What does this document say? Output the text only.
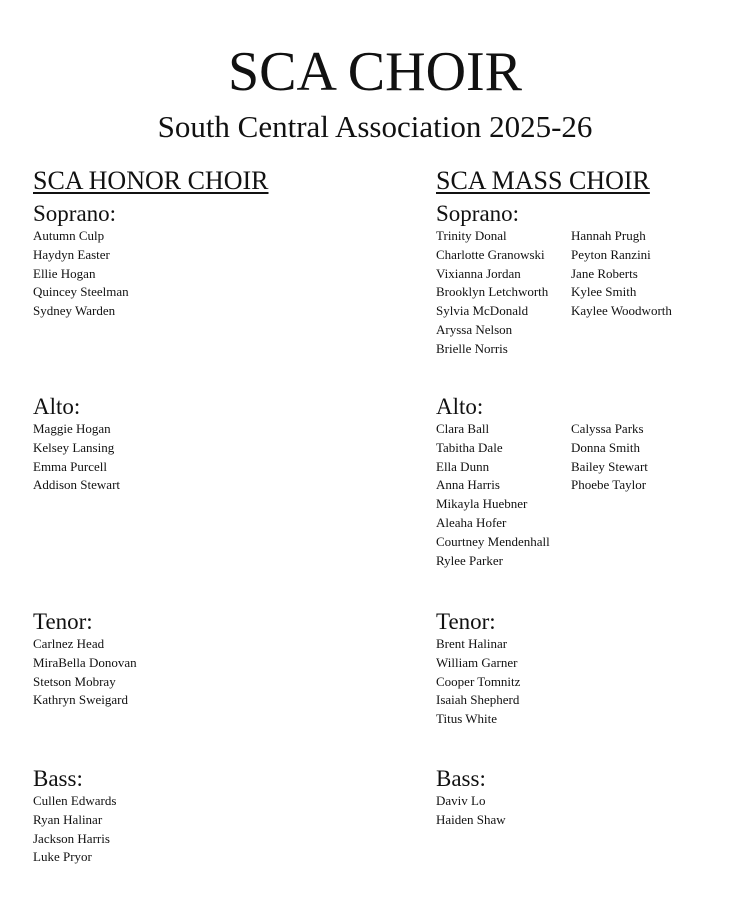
SCA CHOIR
South Central Association 2025-26
SCA HONOR CHOIR	SCA MASS CHOIR
Soprano:
Autumn Culp
Haydyn Easter
Ellie Hogan
Quincey Steelman
Sydney Warden
Alto:
Maggie Hogan
Kelsey Lansing
Emma Purcell
Addison Stewart
Tenor:
Carlnez Head
MiraBella Donovan
Stetson Mobray
Kathryn Sweigard
Bass:
Cullen Edwards
Ryan Halinar
Jackson Harris
Luke Pryor
Soprano:
Trinity Donal
Charlotte Granowski
Vixianna Jordan
Brooklyn Letchworth
Sylvia McDonald
Aryssa Nelson
Brielle Norris
Hannah Prugh
Peyton Ranzini
Jane Roberts
Kylee Smith
Kaylee Woodworth
Alto:
Clara Ball
Tabitha Dale
Ella Dunn
Anna Harris
Mikayla Huebner
Aleaha Hofer
Courtney Mendenhall
Rylee Parker
Calyssa Parks
Donna Smith
Bailey Stewart
Phoebe Taylor
Tenor:
Brent Halinar
William Garner
Cooper Tomnitz
Isaiah Shepherd
Titus White
Bass:
Daviv Lo
Haiden Shaw
